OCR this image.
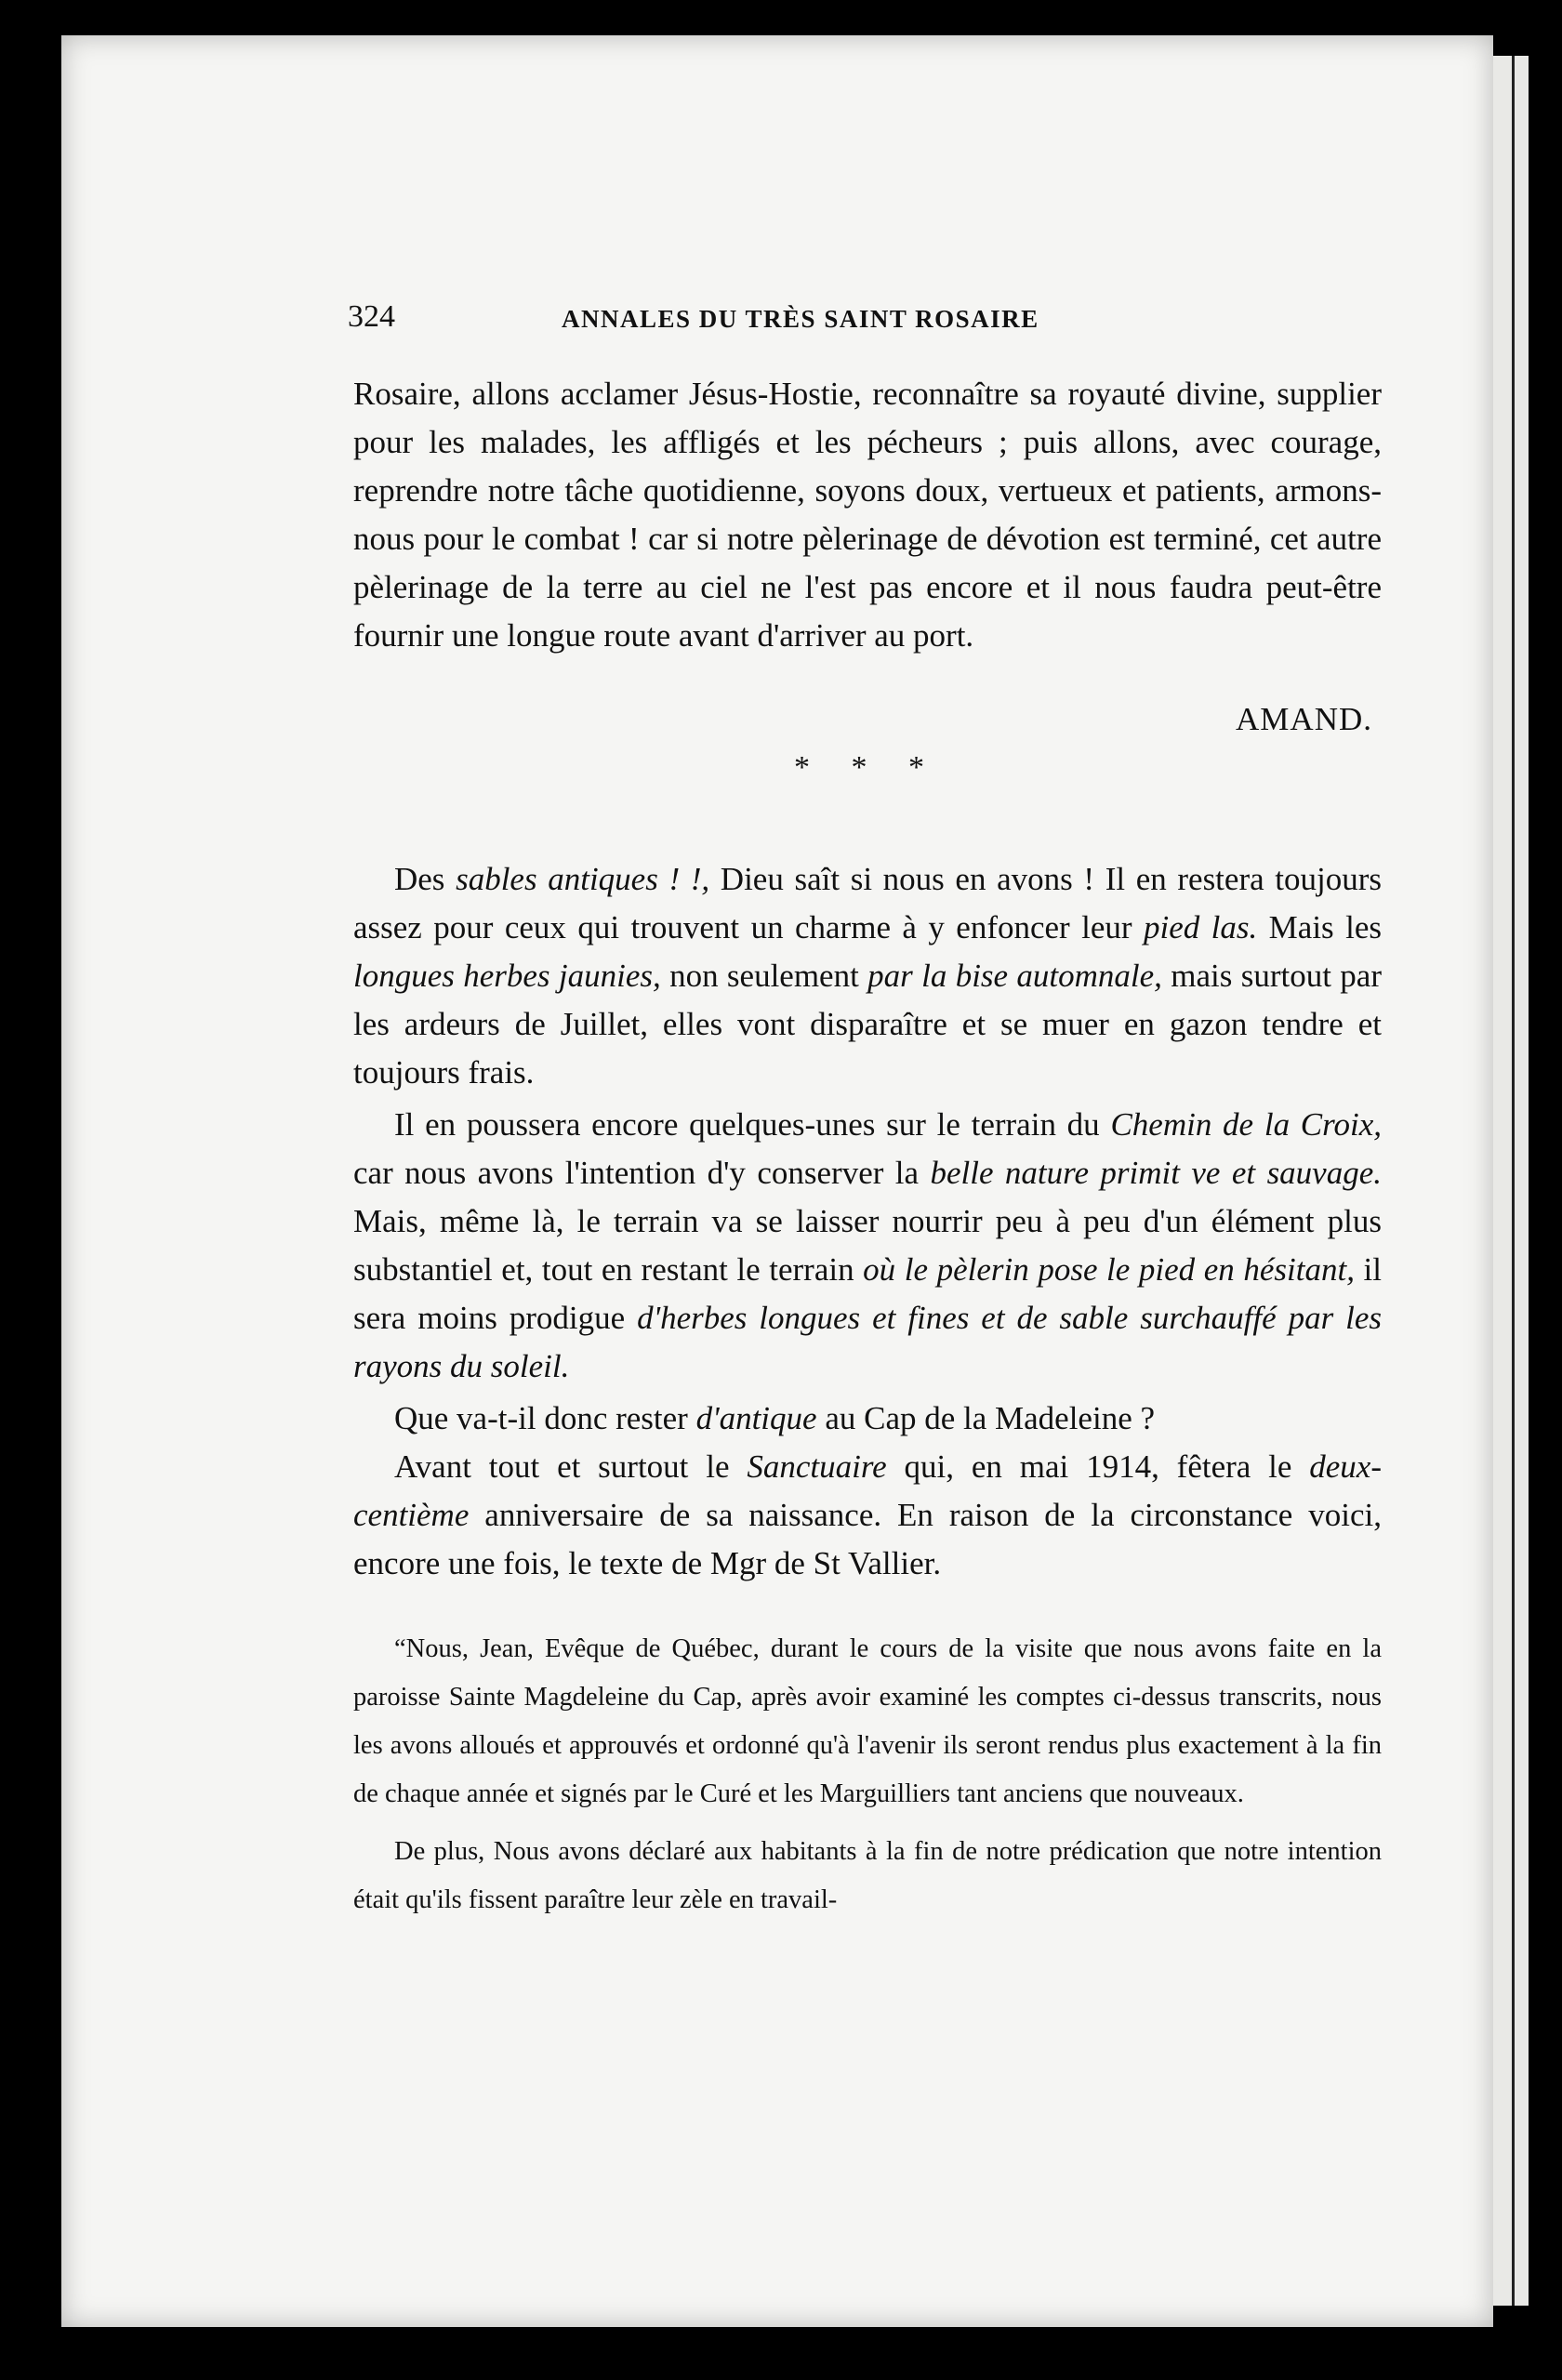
324	ANNALES DU TRÈS SAINT ROSAIRE

Rosaire, allons acclamer Jésus-Hostie, reconnaître sa royauté divine, supplier pour les malades, les affligés et les pécheurs ; puis allons, avec courage, reprendre notre tâche quotidienne, soyons doux, vertueux et patients, armons-nous pour le combat ! car si notre pèlerinage de dévotion est terminé, cet autre pèlerinage de la terre au ciel ne l'est pas encore et il nous faudra peut-être fournir une longue route avant d'arriver au port.

AMAND.
* * *

Des sables antiques ! !, Dieu saît si nous en avons ! Il en restera toujours assez pour ceux qui trouvent un charme à y enfoncer leur pied las. Mais les longues herbes jaunies, non seulement par la bise automnale, mais surtout par les ardeurs de Juillet, elles vont disparaître et se muer en gazon tendre et toujours frais.

Il en poussera encore quelques-unes sur le terrain du Chemin de la Croix, car nous avons l'intention d'y conserver la belle nature primit ve et sauvage. Mais, même là, le terrain va se laisser nourrir peu à peu d'un élément plus substantiel et, tout en restant le terrain où le pèlerin pose le pied en hésitant, il sera moins prodigue d'herbes longues et fines et de sable surchauffé par les rayons du soleil.

Que va-t-il donc rester d'antique au Cap de la Madeleine ?

Avant tout et surtout le Sanctuaire qui, en mai 1914, fêtera le deux-centième anniversaire de sa naissance. En raison de la circonstance voici, encore une fois, le texte de Mgr de St Vallier.

“Nous, Jean, Evêque de Québec, durant le cours de la visite que nous avons faite en la paroisse Sainte Magdeleine du Cap, après avoir examiné les comptes ci-dessus transcrits, nous les avons alloués et approuvés et ordonné qu'à l'avenir ils seront rendus plus exactement à la fin de chaque année et signés par le Curé et les Marguilliers tant anciens que nouveaux.

De plus, Nous avons déclaré aux habitants à la fin de notre prédication que notre intention était qu'ils fissent paraître leur zèle en travail-
